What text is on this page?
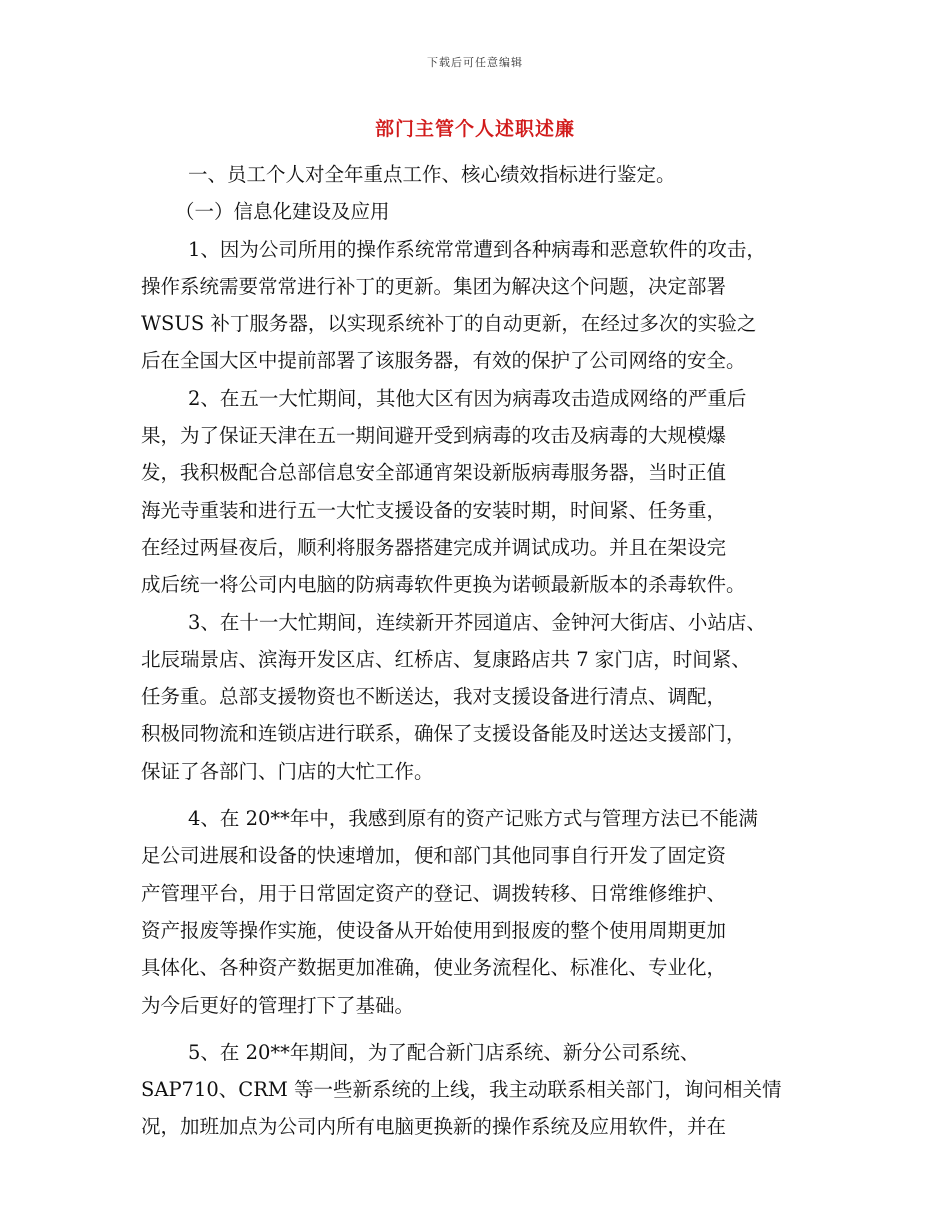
下载后可任意编辑
部门主管个人述职述廉
一、员工个人对全年重点工作、核心绩效指标进行鉴定。
（一）信息化建设及应用
1、因为公司所用的操作系统常常遭到各种病毒和恶意软件的攻击，
操作系统需要常常进行补丁的更新。集团为解决这个问题，决定部署
WSUS 补丁服务器，以实现系统补丁的自动更新，在经过多次的实验之
后在全国大区中提前部署了该服务器，有效的保护了公司网络的安全。
2、在五一大忙期间，其他大区有因为病毒攻击造成网络的严重后
果，为了保证天津在五一期间避开受到病毒的攻击及病毒的大规模爆
发，我积极配合总部信息安全部通宵架设新版病毒服务器，当时正值
海光寺重装和进行五一大忙支援设备的安装时期，时间紧、任务重，
在经过两昼夜后，顺利将服务器搭建完成并调试成功。并且在架设完
成后统一将公司内电脑的防病毒软件更换为诺顿最新版本的杀毒软件。
3、在十一大忙期间，连续新开芥园道店、金钟河大街店、小站店、
北辰瑞景店、滨海开发区店、红桥店、复康路店共 7 家门店，时间紧、
任务重。总部支援物资也不断送达，我对支援设备进行清点、调配，
积极同物流和连锁店进行联系，确保了支援设备能及时送达支援部门，
保证了各部门、门店的大忙工作。
4、在 20**年中，我感到原有的资产记账方式与管理方法已不能满
足公司进展和设备的快速增加，便和部门其他同事自行开发了固定资
产管理平台，用于日常固定资产的登记、调拨转移、日常维修维护、
资产报废等操作实施，使设备从开始使用到报废的整个使用周期更加
具体化、各种资产数据更加准确，使业务流程化、标准化、专业化，
为今后更好的管理打下了基础。
5、在 20**年期间，为了配合新门店系统、新分公司系统、
SAP710、CRM 等一些新系统的上线，我主动联系相关部门，询问相关情
况，加班加点为公司内所有电脑更换新的操作系统及应用软件，并在
